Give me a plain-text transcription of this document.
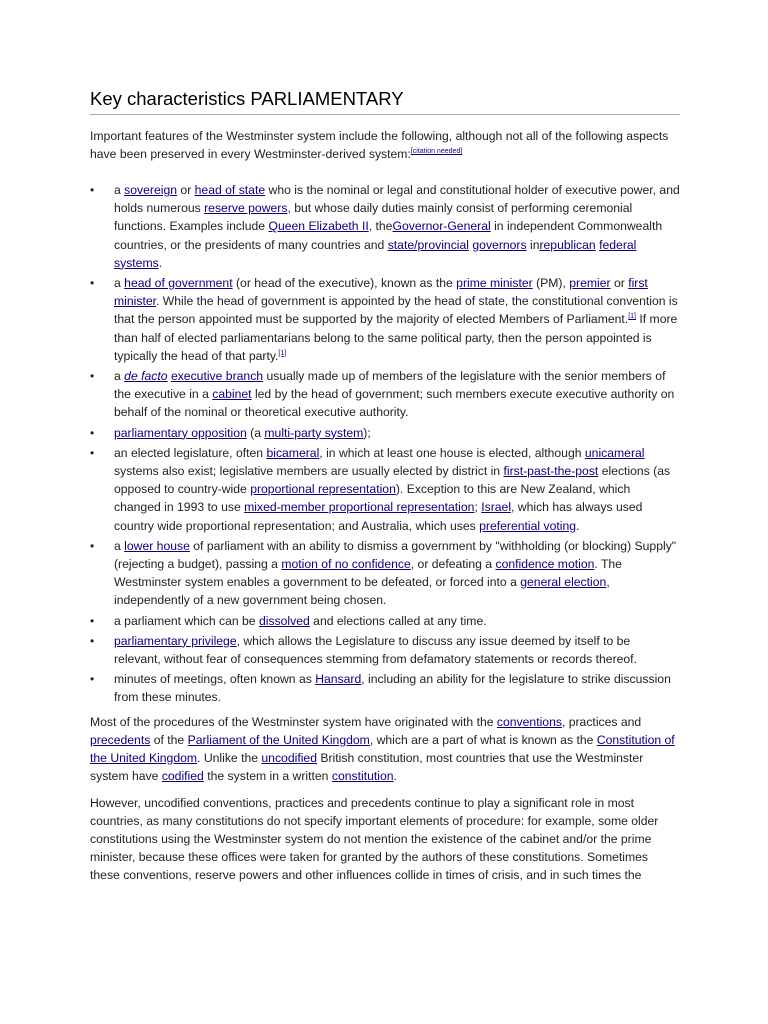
Key characteristics PARLIAMENTARY

Important features of the Westminster system include the following, although not all of the following aspects have been preserved in every Westminster-derived system:[citation needed]

• a sovereign or head of state who is the nominal or legal and constitutional holder of executive power, and holds numerous reserve powers, but whose daily duties mainly consist of performing ceremonial functions. Examples include Queen Elizabeth II, theGovernor-General in independent Commonwealth countries, or the presidents of many countries and state/provincial governors inrepublican federal systems.
• a head of government (or head of the executive), known as the prime minister (PM), premier or first minister. While the head of government is appointed by the head of state, the constitutional convention is that the person appointed must be supported by the majority of elected Members of Parliament.[1] If more than half of elected parliamentarians belong to the same political party, then the person appointed is typically the head of that party.[1]
• a de facto executive branch usually made up of members of the legislature with the senior members of the executive in a cabinet led by the head of government; such members execute executive authority on behalf of the nominal or theoretical executive authority.
• parliamentary opposition (a multi-party system);
• an elected legislature, often bicameral, in which at least one house is elected, although unicameral systems also exist; legislative members are usually elected by district in first-past-the-post elections (as opposed to country-wide proportional representation). Exception to this are New Zealand, which changed in 1993 to use mixed-member proportional representation; Israel, which has always used country wide proportional representation; and Australia, which uses preferential voting.
• a lower house of parliament with an ability to dismiss a government by "withholding (or blocking) Supply" (rejecting a budget), passing a motion of no confidence, or defeating a confidence motion. The Westminster system enables a government to be defeated, or forced into a general election, independently of a new government being chosen.
• a parliament which can be dissolved and elections called at any time.
• parliamentary privilege, which allows the Legislature to discuss any issue deemed by itself to be relevant, without fear of consequences stemming from defamatory statements or records thereof.
• minutes of meetings, often known as Hansard, including an ability for the legislature to strike discussion from these minutes.

Most of the procedures of the Westminster system have originated with the conventions, practices and precedents of the Parliament of the United Kingdom, which are a part of what is known as the Constitution of the United Kingdom. Unlike the uncodified British constitution, most countries that use the Westminster system have codified the system in a written constitution.

However, uncodified conventions, practices and precedents continue to play a significant role in most countries, as many constitutions do not specify important elements of procedure: for example, some older constitutions using the Westminster system do not mention the existence of the cabinet and/or the prime minister, because these offices were taken for granted by the authors of these constitutions. Sometimes these conventions, reserve powers and other influences collide in times of crisis, and in such times the
